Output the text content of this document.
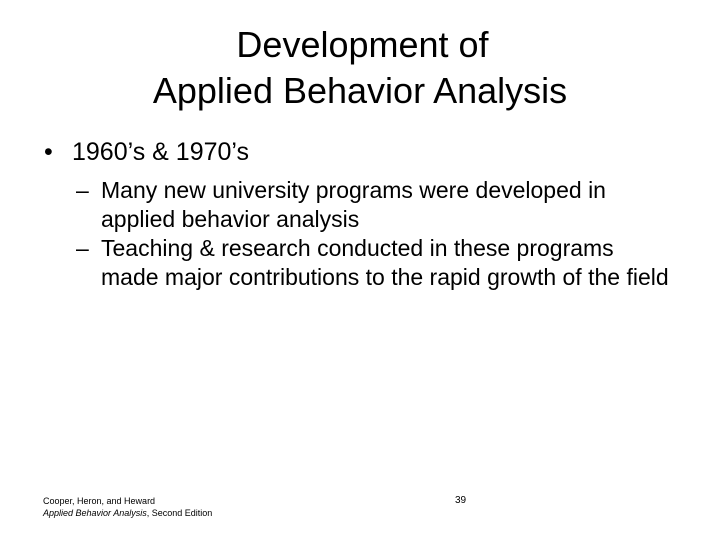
Development of
Applied Behavior Analysis
• 1960’s & 1970’s
– Many new university programs were developed in applied behavior analysis
– Teaching & research conducted in these programs made major contributions to the rapid growth of the field
Cooper, Heron, and Heward
Applied Behavior Analysis, Second Edition
39
